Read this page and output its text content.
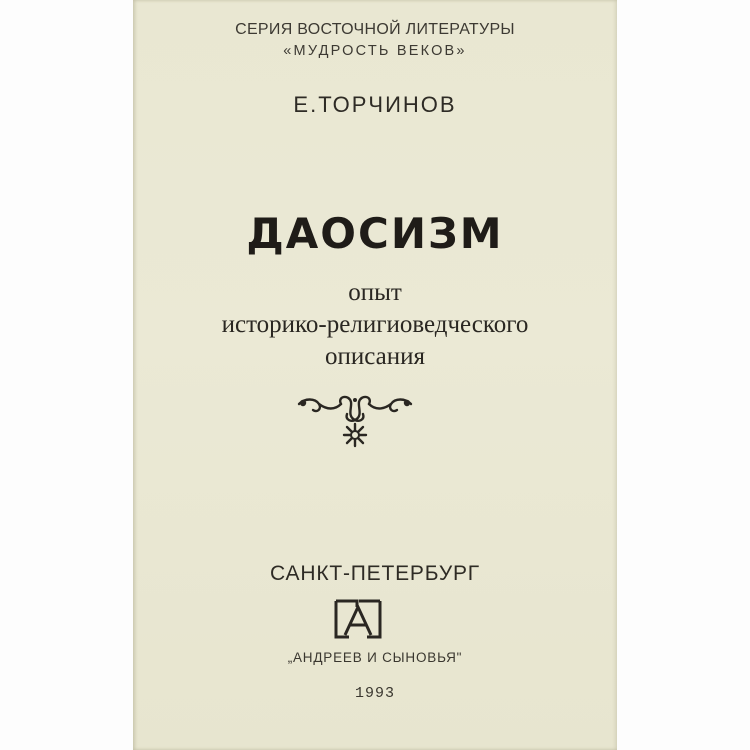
СЕРИЯ ВОСТОЧНОЙ ЛИТЕРАТУРЫ
«МУДРОСТЬ ВЕКОВ»
Е.ТОРЧИНОВ
ДАОСИЗМ
опыт
историко-религиоведческого
описания
САНКТ-ПЕТЕРБУРГ
„АНДРЕЕВ И СЫНОВЬЯ"
1993
